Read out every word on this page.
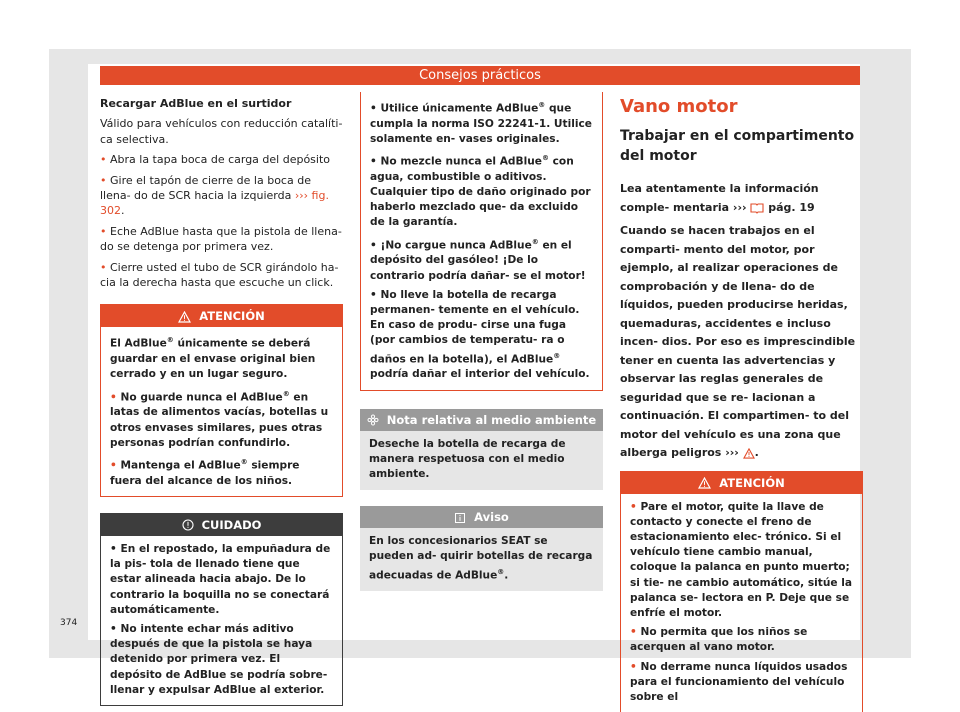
Consejos prácticos

Recargar AdBlue en el surtidor

Válido para vehículos con reducción catalíti- ca selectiva.

• Abra la tapa boca de carga del depósito

• Gire el tapón de cierre de la boca de llena- do de SCR hacia la izquierda ››› fig. 302.

• Eche AdBlue hasta que la pistola de llena- do se detenga por primera vez.

• Cierre usted el tubo de SCR girándolo ha- cia la derecha hasta que escuche un click.

ATENCIÓN

El AdBlue® únicamente se deberá guardar en el envase original bien cerrado y en un lugar seguro.

• No guarde nunca el AdBlue® en latas de alimentos vacías, botellas u otros envases similares, pues otras personas podrían confundirlo.

• Mantenga el AdBlue® siempre fuera del alcance de los niños.

CUIDADO

• En el repostado, la empuñadura de la pis- tola de llenado tiene que estar alineada hacia abajo. De lo contrario la boquilla no se conectará automáticamente.

• No intente echar más aditivo después de que la pistola se haya detenido por primera vez. El depósito de AdBlue se podría sobre- llenar y expulsar AdBlue al exterior.

• Utilice únicamente AdBlue® que cumpla la norma ISO 22241-1. Utilice solamente en- vases originales.

• No mezcle nunca el AdBlue® con agua, combustible o aditivos. Cualquier tipo de daño originado por haberlo mezclado que- da excluido de la garantía.

• ¡No cargue nunca AdBlue® en el depósito del gasóleo! ¡De lo contrario podría dañar- se el motor!

• No lleve la botella de recarga permanen- temente en el vehículo. En caso de produ- cirse una fuga (por cambios de temperatu- ra o daños en la botella), el AdBlue® podría dañar el interior del vehículo.

Nota relativa al medio ambiente
Deseche la botella de recarga de manera respetuosa con el medio ambiente.
Aviso
En los concesionarios SEAT se pueden ad- quirir botellas de recarga adecuadas de AdBlue®.
Vano motor
Trabajar en el compartimento del motor

Lea atentamente la información comple- mentaria ›››  pág. 19

Cuando se hacen trabajos en el comparti- mento del motor, por ejemplo, al realizar operaciones de comprobación y de llena- do de líquidos, pueden producirse heridas, quemaduras, accidentes e incluso incen- dios. Por eso es imprescindible tener en cuenta las advertencias y observar las reglas generales de seguridad que se re- lacionan a continuación. El compartimen- to del motor del vehículo es una zona que alberga peligros ››› .

ATENCIÓN

• Pare el motor, quite la llave de contacto y conecte el freno de estacionamiento elec- trónico. Si el vehículo tiene cambio manual, coloque la palanca en punto muerto; si tie- ne cambio automático, sitúe la palanca se- lectora en P. Deje que se enfríe el motor.

• No permita que los niños se acerquen al vano motor.

• No derrame nunca líquidos usados para el funcionamiento del vehículo sobre el

374
